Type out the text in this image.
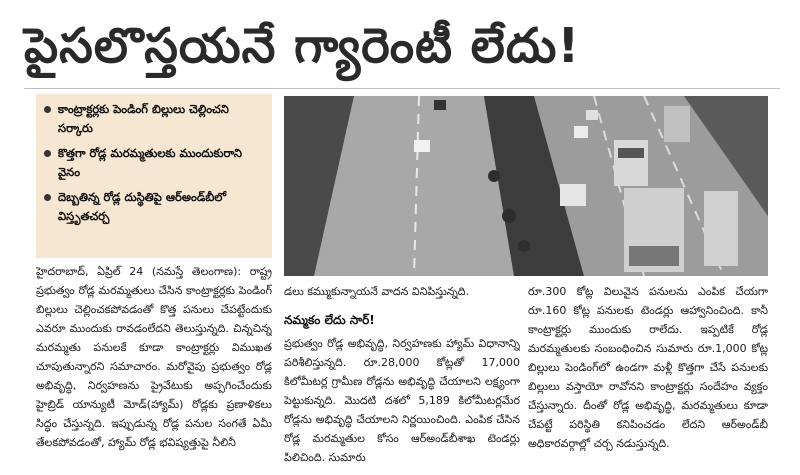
పైసలొస్తయనే గ్యారెంటీ లేదు!
కాంట్రాక్టర్లకు పెండింగ్ బిల్లులు చెల్లించని సర్కారు
కొత్తగా రోడ్ల మరమ్మతులకు ముందుకురాని వైనం
దెబ్బతిన్న రోడ్ల దుస్థితిపై ఆర్అండ్‌బీలో విస్తృతచర్చ

హైదరాబాద్, ఏప్రిల్ 24 (నమస్తే తెలంగాణ): రాష్ట్ర ప్రభుత్వం రోడ్ల మరమ్మతులు చేసిన కాంట్రాక్టర్లకు పెండింగ్ బిల్లులు చెల్లించకపోవడంతో కొత్త పనులు చేపట్టేందుకు ఎవరూ ముందుకు రావడంలేదని తెలుస్తున్నది. చిన్నచిన్న మరమ్మతు పనులకే కూడా కాంట్రాక్టర్లు విముఖత చూపుతున్నారని సమాచారం. మరోవైపు ప్రభుత్వం రోడ్ల అభివృద్ధి, నిర్వహణను ప్రైవేటుకు అప్పగించేందుకు హైబ్రిడ్ యాన్యుటీ మోడ్(హ్యామ్) రోడ్లకు ప్రణాళికలు సిద్ధం చేస్తున్నది. ఇప్పుడున్న రోడ్ల పనుల సంగతే ఏమీ తేలకపోవడంతో, హ్యామ్ రోడ్ల భవిష్యత్తుపై నీలినీ

డలు కమ్ముకున్నాయనే వాదన వినిపిస్తున్నది.

నమ్మకం లేదు సార్!

ప్రభుత్వం రోడ్ల అభివృద్ధి, నిర్వహణకు హ్యామ్ విధానాన్ని పరిశీలిస్తున్నది. రూ.28,000 కోట్లతో 17,000 కిలోమీటర్ల గ్రామీణ రోడ్లను అభివృద్ధి చేయాలని లక్ష్యంగా పెట్టుకున్నది. మొదటి దశలో 5,189 కిలోమీటర్లమేర రోడ్లను అభివృద్ధి చేయాలని నిర్ణయించింది. ఎంపిక చేసిన రోడ్ల మరమ్మతుల కోసం ఆర్అండ్‌బీశాఖ టెండర్లు పిలిచింది. సుమారు

రూ.300 కోట్ల విలువైన పనులను ఎంపిక చేయగా రూ.160 కోట్ల పనులకు టెండర్లు ఆహ్వానించింది. కానీ కాంట్రాక్టర్లు ముందుకు రాలేదు. ఇప్పటికే రోడ్ల మరమ్మతులకు సంబంధించిన సుమారు రూ.1,000 కోట్ల బిల్లులు పెండింగ్‌లో ఉండగా మళ్లీ కొత్తగా చేసే పనులకు బిల్లులు వస్తాయో రావోనని కాంట్రాక్టర్లు సందేహం వ్యక్తం చేస్తున్నారు. దీంతో రోడ్ల అభివృద్ధి, మరమ్మతులు కూడా చేపట్టే పరిస్థితి కనిపించడం లేదని ఆర్అండ్‌బీ అధికారవర్గాల్లో చర్చ నడుస్తున్నది.
